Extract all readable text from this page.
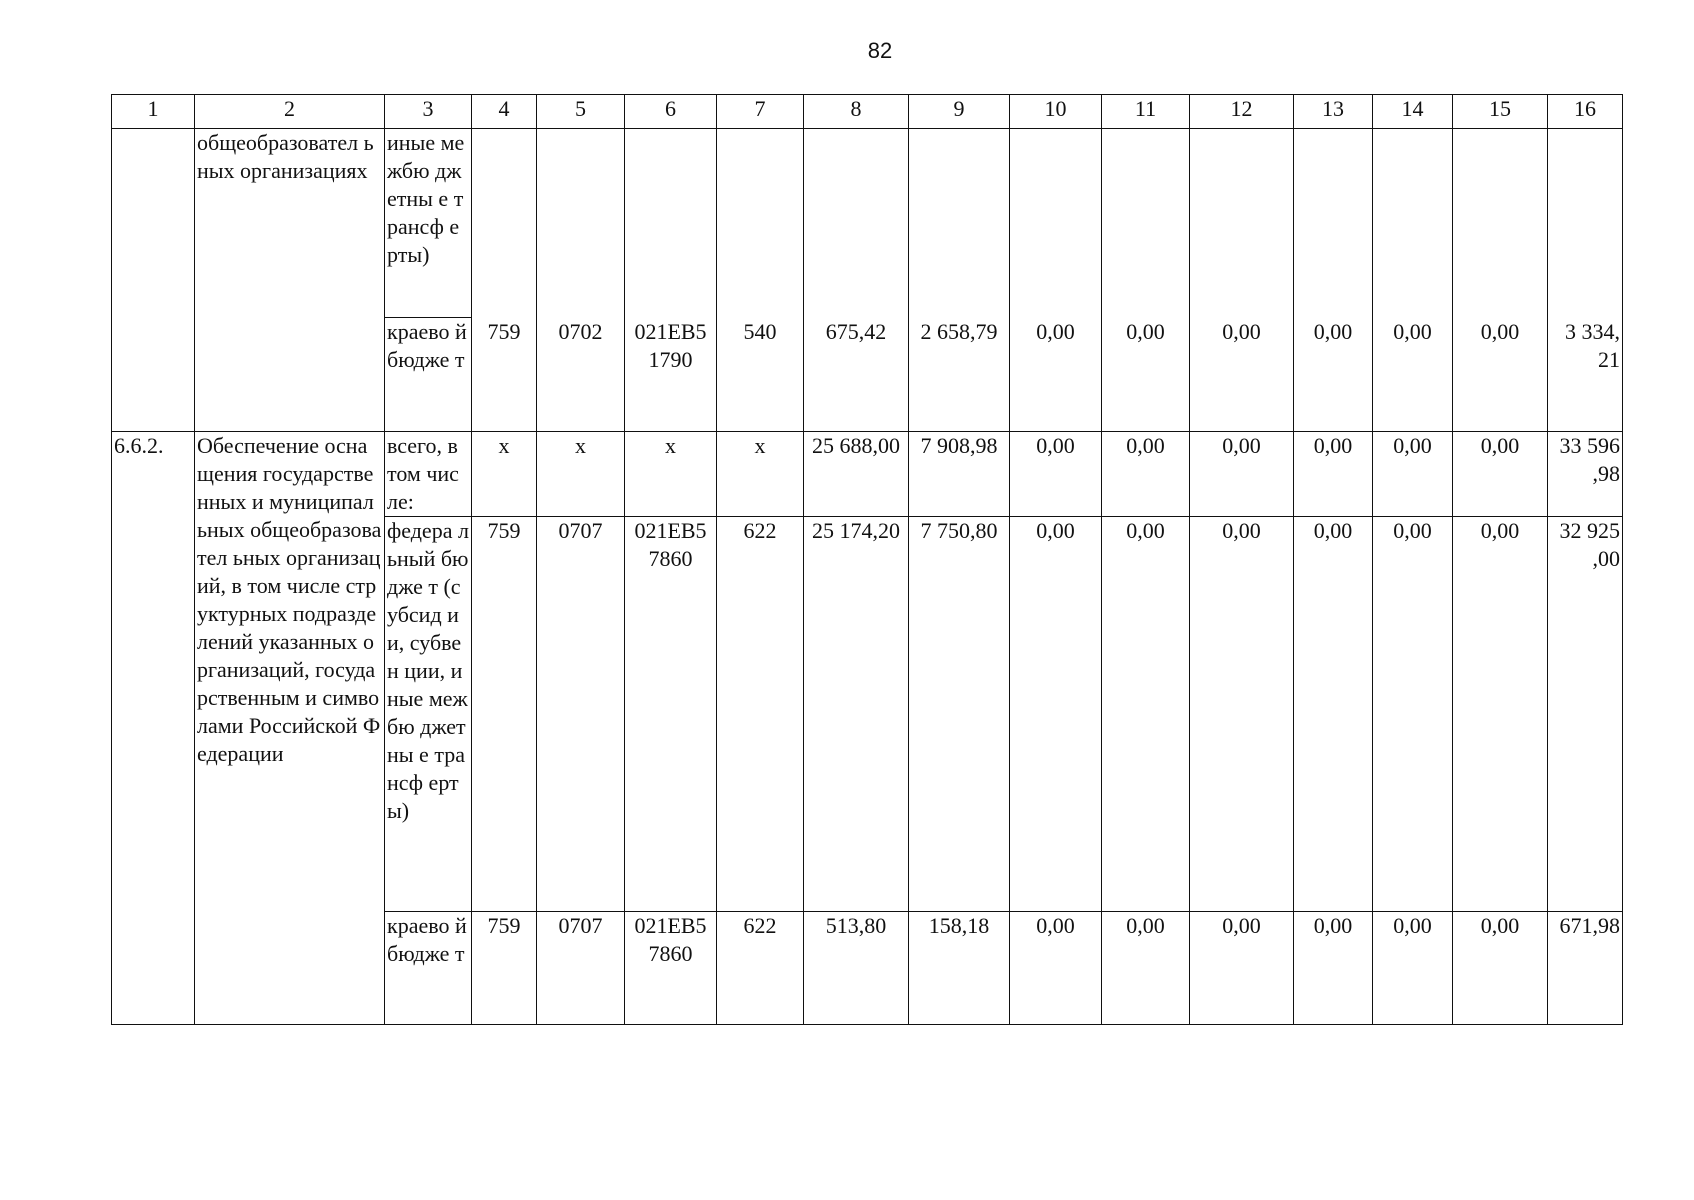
82
1	2	3	4	5	6	7	8	9	10	11	12	13	14	15	16
	общеобразовател ьных организациях	иные межбю джетны е трансф ерты)													
		краево й бюдже т	759	0702	021EB5 1790	540	675,42	2 658,79	0,00	0,00	0,00	0,00	0,00	0,00	3 334, 21
6.6.2.	Обеспечение оснащения государственных и муниципальных общеобразовател ьных организаций, в том числе структурных подразделений указанных организаций, государственным и символами Российской Федерации	всего, в том числе:	x	x	x	x	25 688,00	7 908,98	0,00	0,00	0,00	0,00	0,00	0,00	33 596 ,98
		федера льный бюдже т (субсид ии, субвен ции, иные межбю джетны е трансф ерты)	759	0707	021EB5 7860	622	25 174,20	7 750,80	0,00	0,00	0,00	0,00	0,00	0,00	32 925 ,00
		краево й бюдже т	759	0707	021EB5 7860	622	513,80	158,18	0,00	0,00	0,00	0,00	0,00	0,00	671,98
